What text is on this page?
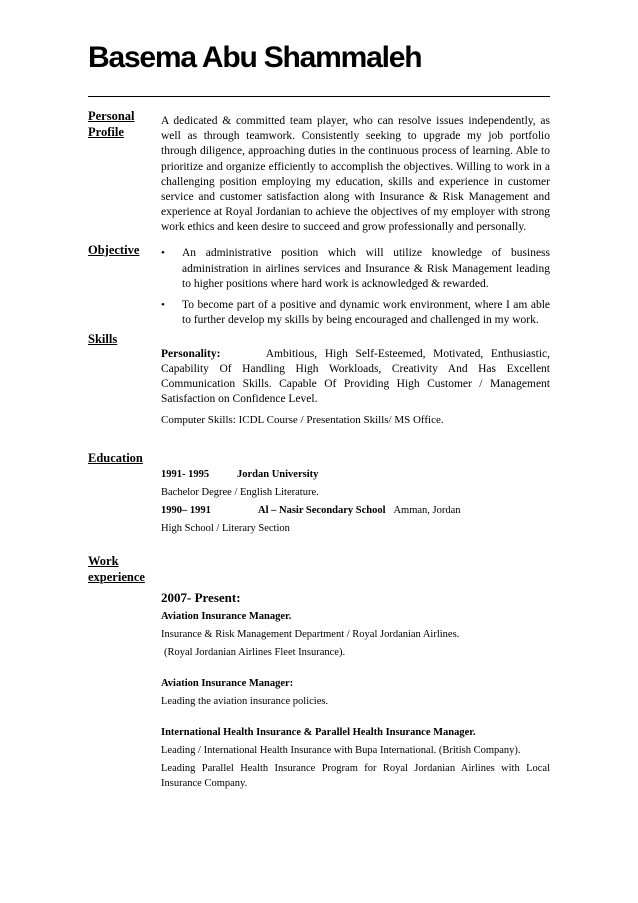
Basema Abu Shammaleh
Personal
Profile
A dedicated & committed team player, who can resolve issues independently, as well as through teamwork. Consistently seeking to upgrade my job portfolio through diligence, approaching duties in the continuous process of learning. Able to prioritize and organize efficiently to accomplish the objectives. Willing to work in a challenging position employing my education, skills and experience in customer service and customer satisfaction along with Insurance & Risk Management and experience at Royal Jordanian to achieve the objectives of my employer with strong work ethics and keen desire to succeed and grow professionally and personally.
Objective • An administrative position which will utilize knowledge of business administration in airlines services and Insurance & Risk Management leading to higher positions where hard work is acknowledged & rewarded.
• To become part of a positive and dynamic work environment, where I am able to further develop my skills by being encouraged and challenged in my work.
Skills

Personality:	Ambitious, High Self-Esteemed, Motivated, Enthusiastic, Capability Of Handling High Workloads, Creativity And Has Excellent Communication Skills. Capable Of Providing High Customer / Management Satisfaction on Confidence Level.

Computer Skills: ICDL Course / Presentation Skills/ MS Office.

Education
1991- 1995	Jordan University
Bachelor Degree / English Literature.
1990– 1991	Al – Nasir Secondary School Amman, Jordan
High School / Literary Section
Work
experience
2007- Present:

Aviation Insurance Manager.

Insurance & Risk Management Department / Royal Jordanian Airlines.

(Royal Jordanian Airlines Fleet Insurance).

Aviation Insurance Manager:

Leading the aviation insurance policies.

International Health Insurance & Parallel Health Insurance Manager.

Leading / International Health Insurance with Bupa International. (British Company).

Leading Parallel Health Insurance Program for Royal Jordanian Airlines with Local Insurance Company.
